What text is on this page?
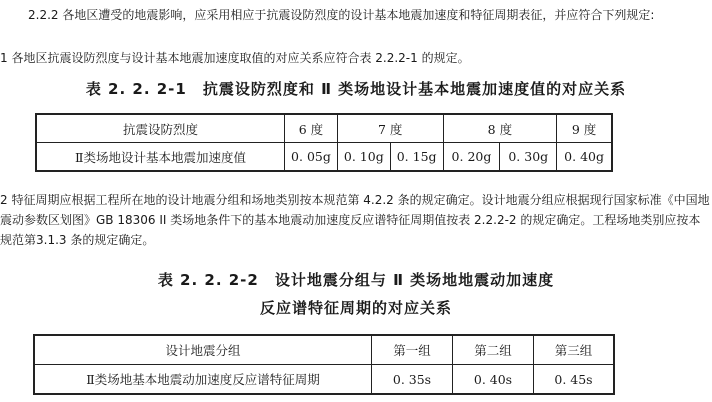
2.2.2 各地区遭受的地震影响，应采用相应于抗震设防烈度的设计基本地震加速度和特征周期表征，并应符合下列规定:

1 各地区抗震设防烈度与设计基本地震加速度取值的对应关系应符合表 2.2.2-1 的规定。

表 2. 2. 2-1　抗震设防烈度和 Ⅱ 类场地设计基本地震加速度值的对应关系
抗震设防烈度	6 度	7 度		8 度		9 度
Ⅱ类场地设计基本地震加速度值	0. 05g	0. 10g	0. 15g	0. 20g	0. 30g	0. 40g

2 特征周期应根据工程所在地的设计地震分组和场地类别按本规范第 4.2.2 条的规定确定。设计地震分组应根据现行国家标准《中国地震动参数区划图》GB 18306 II 类场地条件下的基本地震动加速度反应谱特征周期值按表 2.2.2-2 的规定确定。工程场地类别应按本规范第3.1.3 条的规定确定。

表 2. 2. 2-2　设计地震分组与 Ⅱ 类场地地震动加速度
反应谱特征周期的对应关系
设计地震分组	第一组	第二组	第三组
Ⅱ类场地基本地震动加速度反应谱特征周期	0. 35s	0. 40s	0. 45s
